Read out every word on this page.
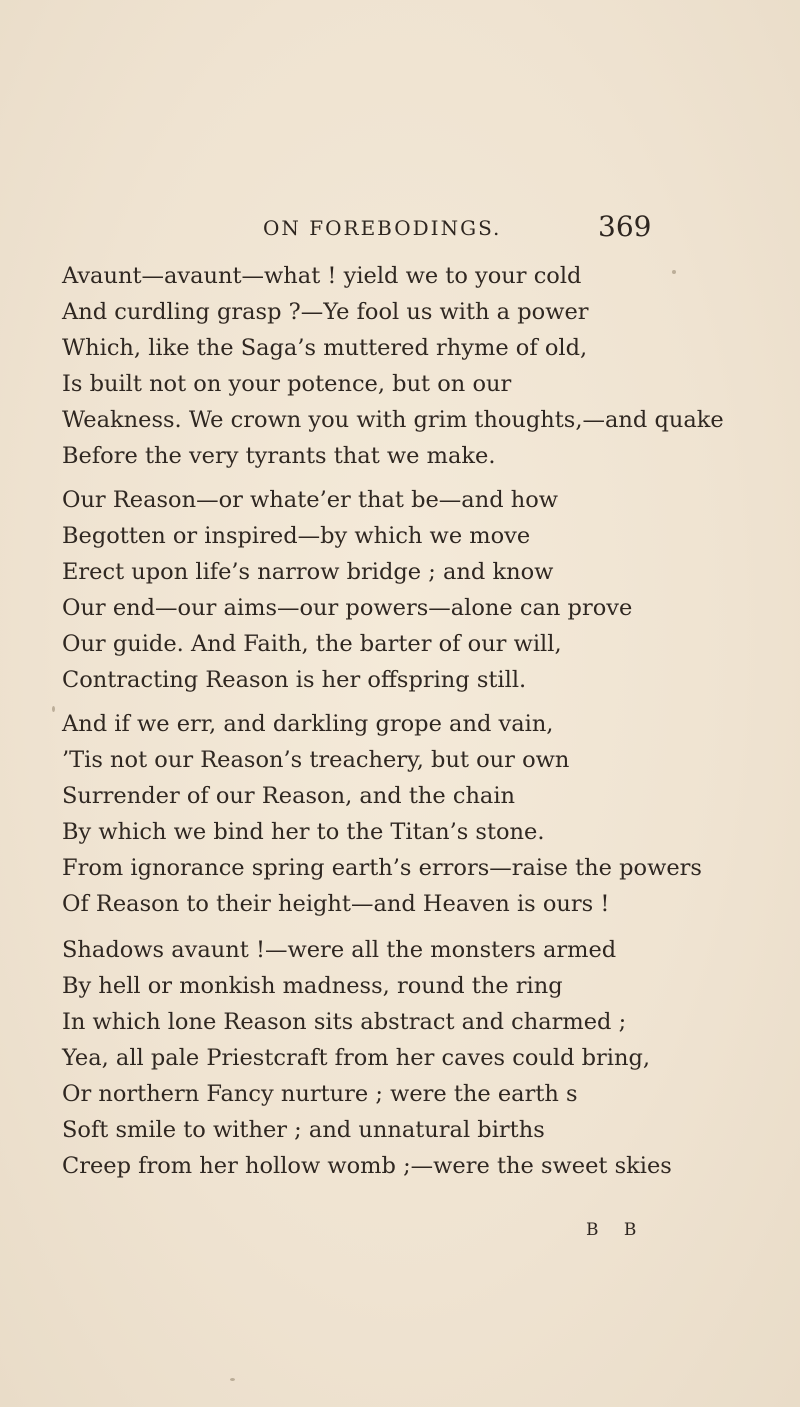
ON FOREBODINGS.	369
Avaunt—avaunt—what ! yield we to your cold
And curdling grasp ?—Ye fool us with a power
Which, like the Saga’s muttered rhyme of old,
Is built not on your potence, but on our
Weakness. We crown you with grim thoughts,—and quake
Before the very tyrants that we make.
Our Reason—or whate’er that be—and how
Begotten or inspired—by which we move
Erect upon life’s narrow bridge ; and know
Our end—our aims—our powers—alone can prove
Our guide. And Faith, the barter of our will,
Contracting Reason is her offspring still.
And if we err, and darkling grope and vain,
’Tis not our Reason’s treachery, but our own
Surrender of our Reason, and the chain
By which we bind her to the Titan’s stone.
From ignorance spring earth’s errors—raise the powers
Of Reason to their height—and Heaven is ours !
Shadows avaunt !—were all the monsters armed
By hell or monkish madness, round the ring
In which lone Reason sits abstract and charmed ;
Yea, all pale Priestcraft from her caves could bring,
Or northern Fancy nurture ; were the earth s
Soft smile to wither ; and unnatural births
Creep from her hollow womb ;—were the sweet skies
B B
